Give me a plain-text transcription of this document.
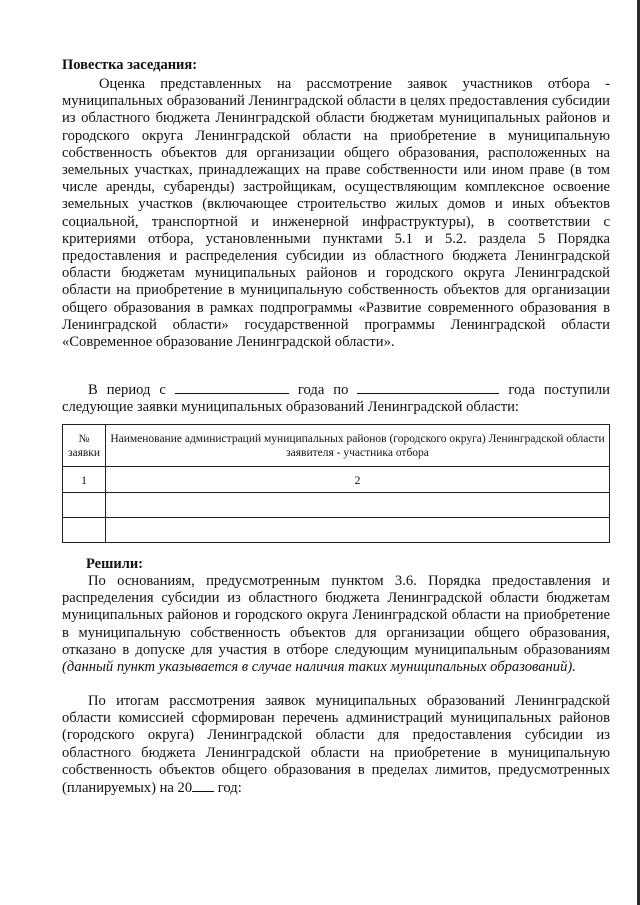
Повестка заседания:

Оценка представленных на рассмотрение заявок участников отбора - муниципальных образований Ленинградской области в целях предоставления субсидии из областного бюджета Ленинградской области бюджетам муниципальных районов и городского округа Ленинградской области на приобретение в муниципальную собственность объектов для организации общего образования, расположенных на земельных участках, принадлежащих на праве собственности или ином праве (в том числе аренды, субаренды) застройщикам, осуществляющим комплексное освоение земельных участков (включающее строительство жилых домов и иных объектов социальной, транспортной и инженерной инфраструктуры), в соответствии с критериями отбора, установленными пунктами 5.1 и 5.2. раздела 5 Порядка предоставления и распределения субсидии из областного бюджета Ленинградской области бюджетам муниципальных районов и городского округа Ленинградской области на приобретение в муниципальную собственность объектов для организации общего образования в рамках подпрограммы «Развитие современного образования в Ленинградской области» государственной программы Ленинградской области «Современное образование Ленинградской области».

В период с	года по	года поступили следующие заявки муниципальных образований Ленинградской области:

№ заявки	Наименование администраций муниципальных районов (городского округа) Ленинградской области заявителя - участника отбора
1	2

Решили:

По основаниям, предусмотренным пунктом 3.6. Порядка предоставления и распределения субсидии из областного бюджета Ленинградской области бюджетам муниципальных районов и городского округа Ленинградской области на приобретение в муниципальную собственность объектов для организации общего образования, отказано в допуске для участия в отборе следующим муниципальным образованиям (данный пункт указывается в случае наличия таких муниципальных образований).

По итогам рассмотрения заявок муниципальных образований Ленинградской области комиссией сформирован перечень администраций муниципальных районов (городского округа) Ленинградской области для предоставления субсидии из областного бюджета Ленинградской области на приобретение в муниципальную собственность объектов общего образования в пределах лимитов, предусмотренных (планируемых) на 20 год:
